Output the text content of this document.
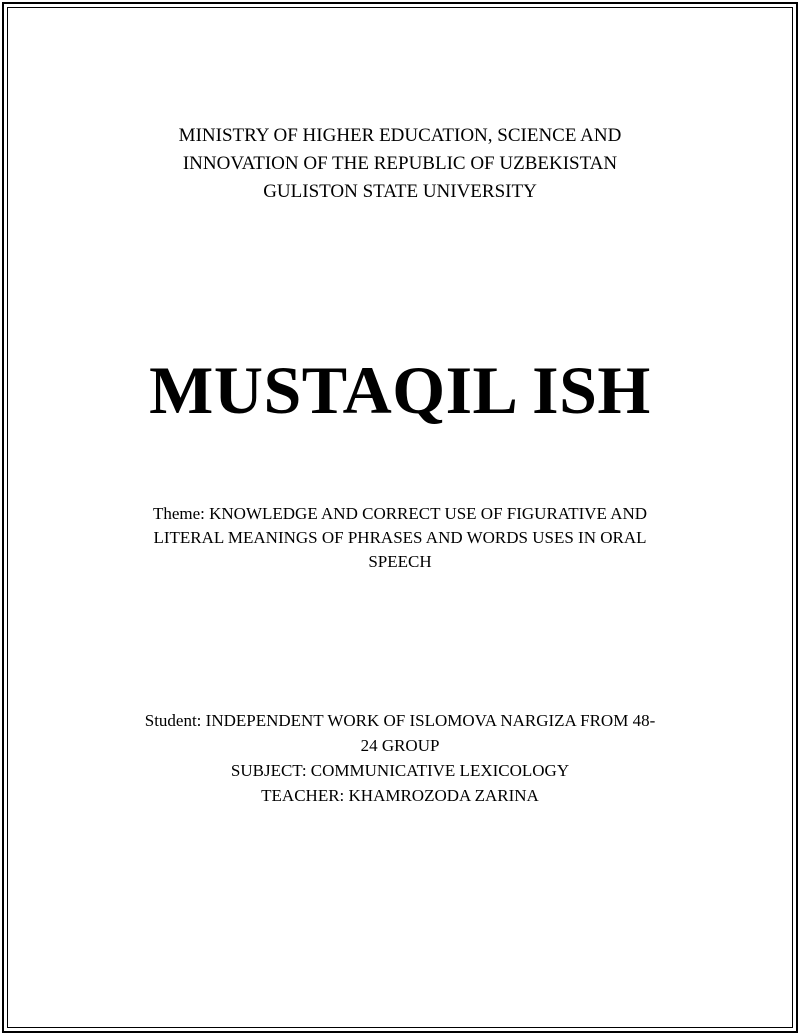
MINISTRY OF HIGHER EDUCATION, SCIENCE AND
INNOVATION OF THE REPUBLIC OF UZBEKISTAN
GULISTON STATE UNIVERSITY
MUSTAQIL ISH
Theme: KNOWLEDGE AND CORRECT USE OF FIGURATIVE AND
LITERAL MEANINGS OF PHRASES AND WORDS USES IN ORAL
SPEECH
Student: INDEPENDENT WORK OF ISLOMOVA NARGIZA FROM 48-
24 GROUP
SUBJECT: COMMUNICATIVE LEXICOLOGY
TEACHER: KHAMROZODA ZARINA
